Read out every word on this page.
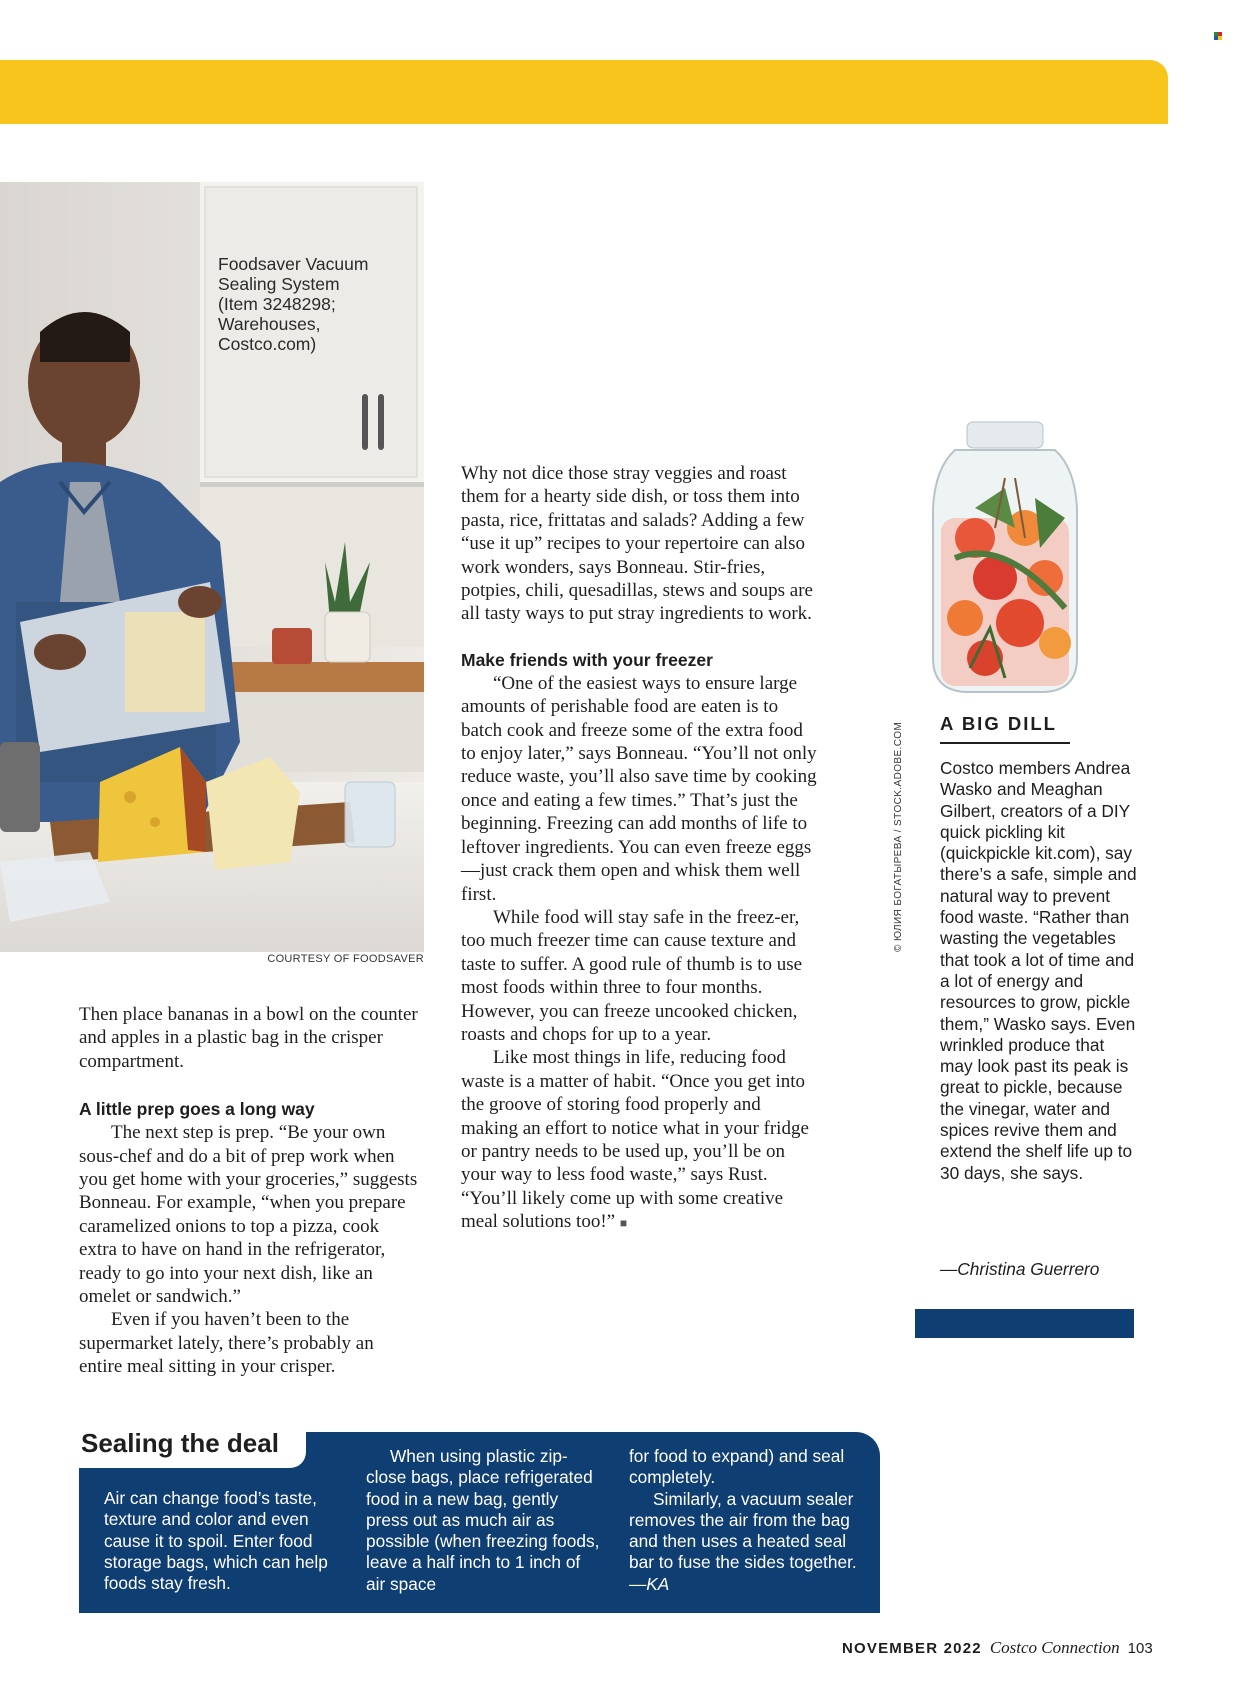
Foodsaver Vacuum
Sealing System
(Item 3248298;
Warehouses,
Costco.com)
COURTESY OF FOODSAVER

Then place bananas in a bowl on the counter and apples in a plastic bag in the crisper compartment.

A little prep goes a long way

The next step is prep. “Be your own sous-chef and do a bit of prep work when you get home with your groceries,” suggests Bonneau. For example, “when you prepare caramelized onions to top a pizza, cook extra to have on hand in the refrigerator, ready to go into your next dish, like an omelet or sandwich.”

Even if you haven’t been to the supermarket lately, there’s probably an entire meal sitting in your crisper.

Why not dice those stray veggies and roast them for a hearty side dish, or toss them into pasta, rice, frittatas and salads? Adding a few “use it up” recipes to your repertoire can also work wonders, says Bonneau. Stir-fries, potpies, chili, quesadillas, stews and soups are all tasty ways to put stray ingredients to work.

Make friends with your freezer

“One of the easiest ways to ensure large amounts of perishable food are eaten is to batch cook and freeze some of the extra food to enjoy later,” says Bonneau. “You’ll not only reduce waste, you’ll also save time by cooking once and eating a few times.” That’s just the beginning. Freezing can add months of life to leftover ingredients. You can even freeze eggs—just crack them open and whisk them well first.

While food will stay safe in the freez-er, too much freezer time can cause texture and taste to suffer. A good rule of thumb is to use most foods within three to four months. However, you can freeze uncooked chicken, roasts and chops for up to a year.

Like most things in life, reducing food waste is a matter of habit. “Once you get into the groove of storing food properly and making an effort to notice what in your fridge or pantry needs to be used up, you’ll be on your way to less food waste,” says Rust. “You’ll likely come up with some creative meal solutions too!” ■

© ЮЛИЯ БОГАТЫРЕВА / STOCK.ADOBE.COM A BIG DILL

Costco members Andrea Wasko and Meaghan Gilbert, creators of a DIY quick pickling kit (quickpickle kit.com), say there’s a safe, simple and natural way to prevent food waste. “Rather than wasting the vegetables that took a lot of time and a lot of energy and resources to grow, pickle them,” Wasko says. Even wrinkled produce that may look past its peak is great to pickle, because the vinegar, water and spices revive them and extend the shelf life up to 30 days, she says.

—Christina Guerrero
Sealing the deal

Air can change food’s taste, texture and color and even cause it to spoil. Enter food storage bags, which can help foods stay fresh.

When using plastic zip-close bags, place refrigerated food in a new bag, gently press out as much air as possible (when freezing foods, leave a half inch to 1 inch of air space

for food to expand) and seal completely.

Similarly, a vacuum sealer removes the air from the bag and then uses a heated seal bar to fuse the sides together.—KA

NOVEMBER 2022 Costco Connection 103
